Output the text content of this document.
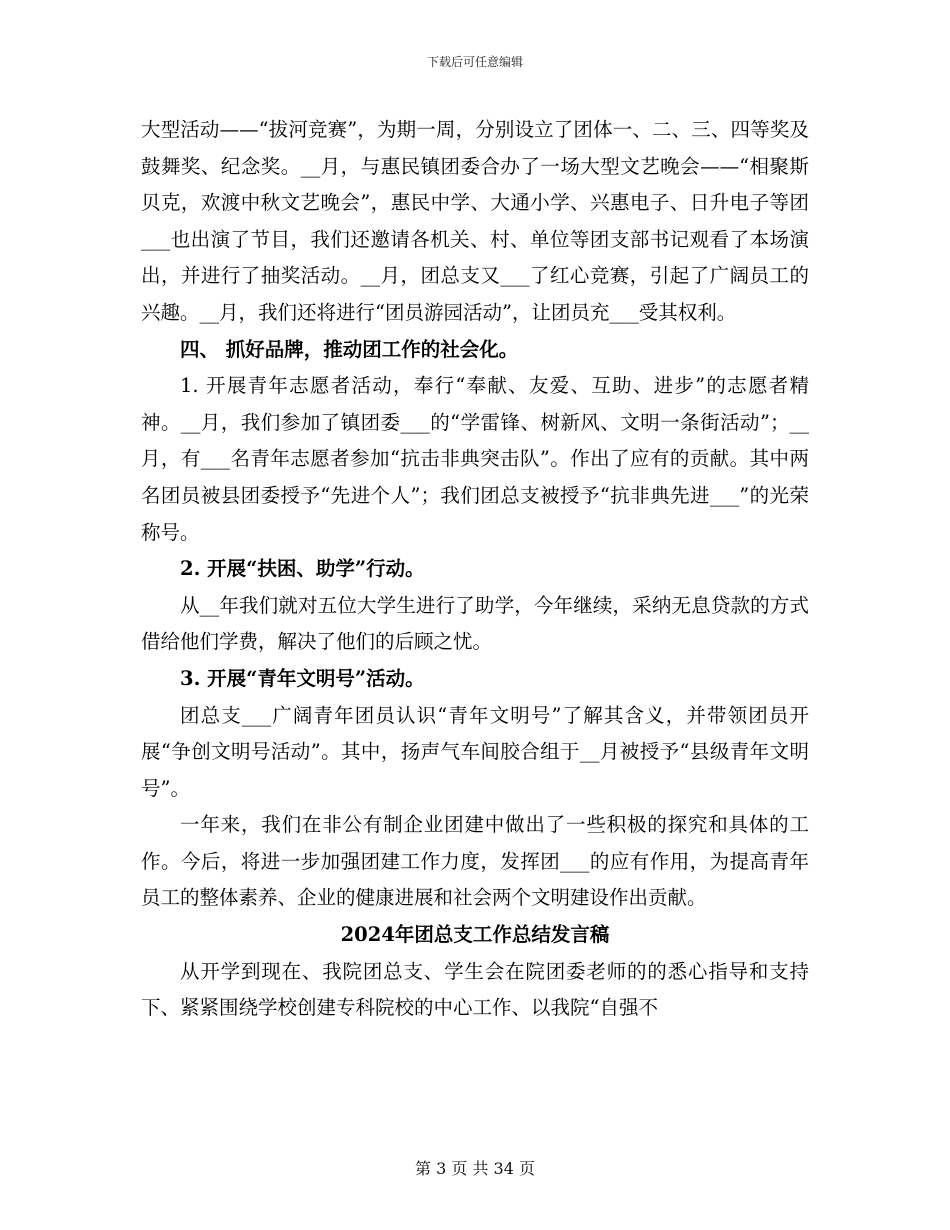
下载后可任意编辑

大型活动——“拔河竞赛”，为期一周，分别设立了团体一、二、三、四等奖及鼓舞奖、纪念奖。__月，与惠民镇团委合办了一场大型文艺晚会——“相聚斯贝克，欢渡中秋文艺晚会”，惠民中学、大通小学、兴惠电子、日升电子等团___也出演了节目，我们还邀请各机关、村、单位等团支部书记观看了本场演出，并进行了抽奖活动。__月，团总支又___了红心竞赛，引起了广阔员工的兴趣。__月，我们还将进行“团员游园活动”，让团员充___受其权利。

四、 抓好品牌，推动团工作的社会化。

1. 开展青年志愿者活动，奉行“奉献、友爱、互助、进步”的志愿者精神。__月，我们参加了镇团委___的“学雷锋、树新风、文明一条街活动”；__月，有___名青年志愿者参加“抗击非典突击队”。作出了应有的贡献。其中两名团员被县团委授予“先进个人”；我们团总支被授予“抗非典先进___”的光荣称号。

2. 开展“扶困、助学”行动。

从__年我们就对五位大学生进行了助学，今年继续，采纳无息贷款的方式借给他们学费，解决了他们的后顾之忧。

3. 开展“青年文明号”活动。

团总支___广阔青年团员认识“青年文明号”了解其含义，并带领团员开展“争创文明号活动”。其中，扬声气车间胶合组于__月被授予“县级青年文明号”。

一年来，我们在非公有制企业团建中做出了一些积极的探究和具体的工作。今后，将进一步加强团建工作力度，发挥团___的应有作用，为提高青年员工的整体素养、企业的健康进展和社会两个文明建设作出贡献。

2024年团总支工作总结发言稿

从开学到现在、我院团总支、学生会在院团委老师的的悉心指导和支持下、紧紧围绕学校创建专科院校的中心工作、以我院“自强不

第 3 页 共 34 页
